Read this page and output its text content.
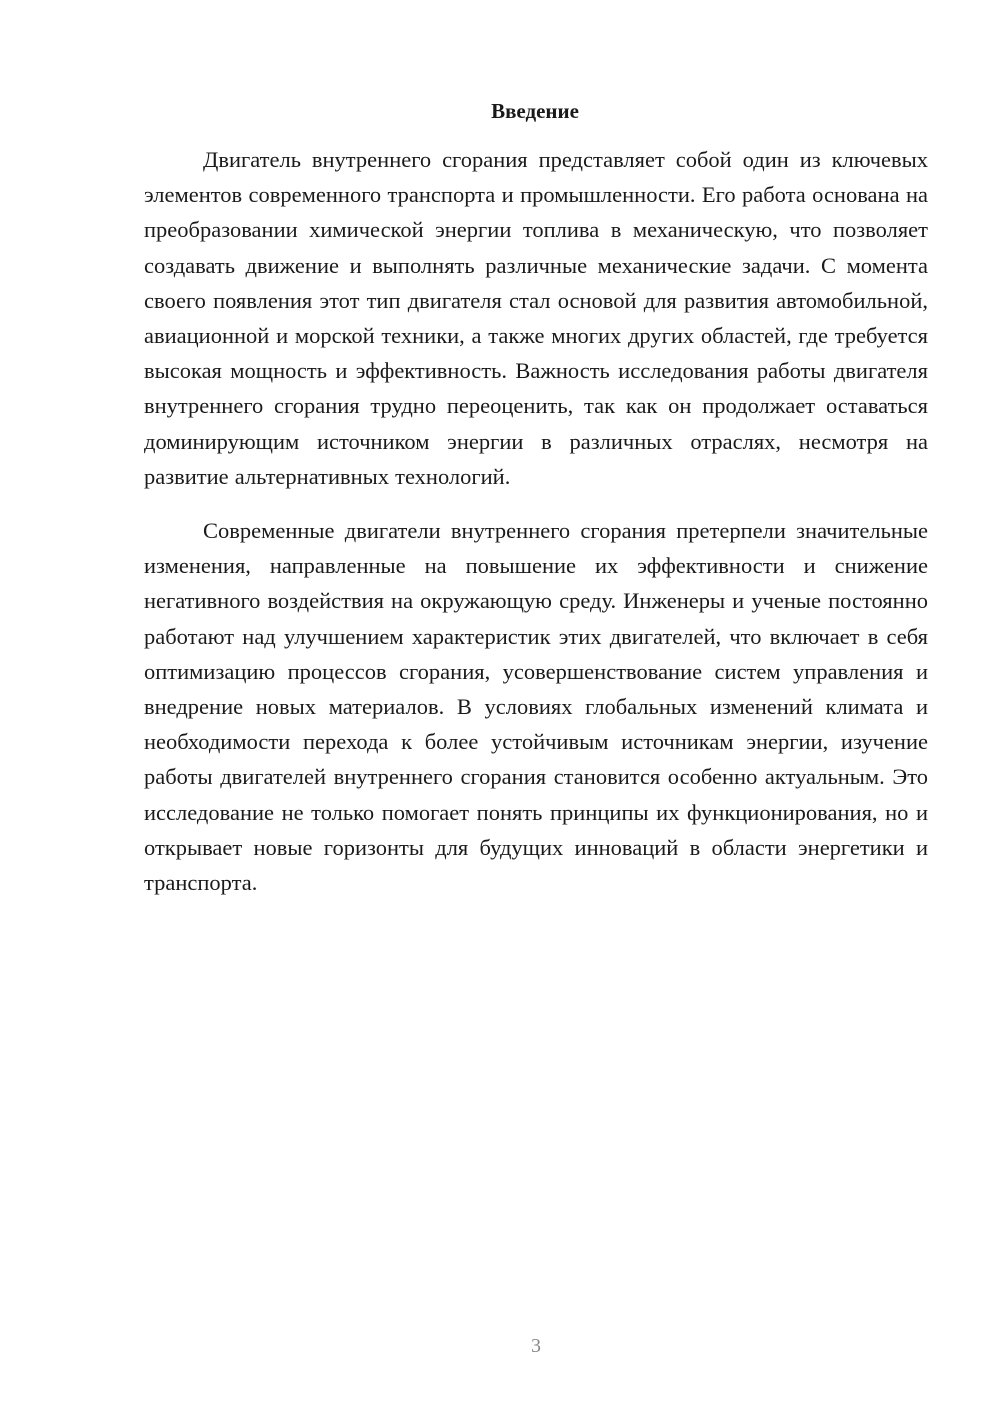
Введение

Двигатель внутреннего сгорания представляет собой один из ключевых элементов современного транспорта и промышленности. Его работа основана на преобразовании химической энергии топлива в механическую, что позволяет создавать движение и выполнять различные механические задачи. С момента своего появления этот тип двигателя стал основой для развития автомобильной, авиационной и морской техники, а также многих других областей, где требуется высокая мощность и эффективность. Важность исследования работы двигателя внутреннего сгорания трудно переоценить, так как он продолжает оставаться доминирующим источником энергии в различных отраслях, несмотря на развитие альтернативных технологий.

Современные двигатели внутреннего сгорания претерпели значительные изменения, направленные на повышение их эффективности и снижение негативного воздействия на окружающую среду. Инженеры и ученые постоянно работают над улучшением характеристик этих двигателей, что включает в себя оптимизацию процессов сгорания, усовершенствование систем управления и внедрение новых материалов. В условиях глобальных изменений климата и необходимости перехода к более устойчивым источникам энергии, изучение работы двигателей внутреннего сгорания становится особенно актуальным. Это исследование не только помогает понять принципы их функционирования, но и открывает новые горизонты для будущих инноваций в области энергетики и транспорта.

3
